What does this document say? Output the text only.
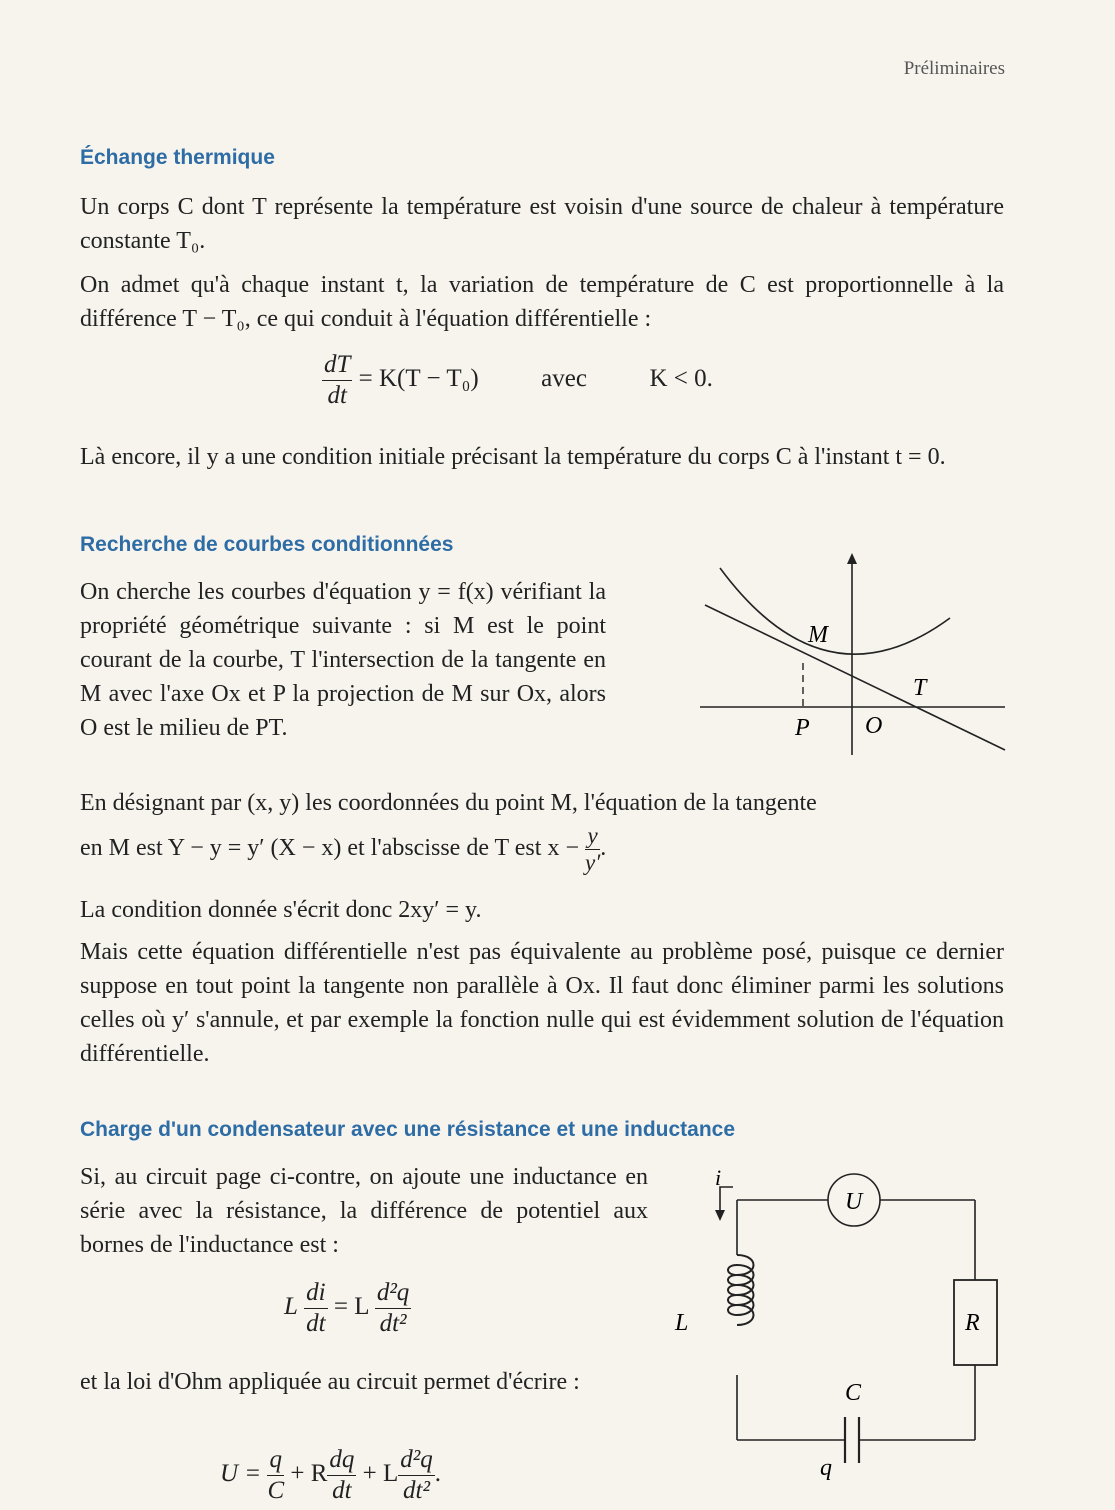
Préliminaires
Échange thermique
Un corps C dont T représente la température est voisin d'une source de chaleur à température constante T₀.
On admet qu'à chaque instant t, la variation de température de C est proportionnelle à la différence T − T₀, ce qui conduit à l'équation différentielle :
$\frac{dT}{dt} = K(T - T_0)$	avec	K < 0.
Là encore, il y a une condition initiale précisant la température du corps C à l'instant t = 0.
Recherche de courbes conditionnées
On cherche les courbes d'équation y = f(x) vérifiant la propriété géométrique suivante : si M est le point courant de la courbe, T l'intersection de la tangente en M avec l'axe Ox et P la projection de M sur Ox, alors O est le milieu de PT.
M
T
P O
En désignant par (x, y) les coordonnées du point M, l'équation de la tangente
en M est Y − y = y′ (X − x) et l'abscisse de T est $x - \frac{y}{y'}$ .
La condition donnée s'écrit donc 2xy′ = y.
Mais cette équation différentielle n'est pas équivalente au problème posé, puisque ce dernier suppose en tout point la tangente non parallèle à Ox. Il faut donc éliminer parmi les solutions celles où y′ s'annule, et par exemple la fonction nulle qui est évidemment solution de l'équation différentielle.
Charge d'un condensateur avec une résistance et une inductance
Si, au circuit page ci-contre, on ajoute une inductance en série avec la résistance, la différence de potentiel aux bornes de l'inductance est :
L $\frac{di}{dt} = L \frac{\text{d²q}}{\text{dt²}}$
et la loi d'Ohm appliquée au circuit permet d'écrire :
$U = \frac{q}{C} + R \frac{dq}{dt} + L \frac{\text{d²q}}{\text{dt²}}$ .
U
i
L	R
C
q
